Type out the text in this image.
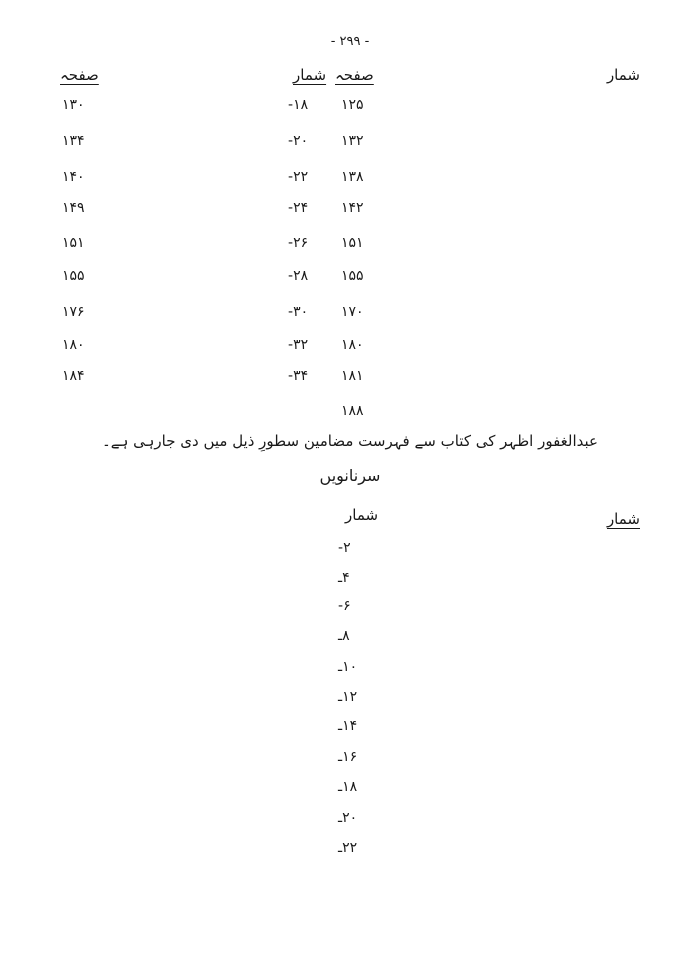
- ۲۹۹ -
شمار
صفحہ
شمار
صفحہ
۱۲۵
۱۸-
۱۳۰
۱۳۲
۲۰-
۱۳۴
۱۳۸
۲۲-
۱۴۰
۱۴۲
۲۴-
۱۴۹
۱۵۱
۲۶-
۱۵۱
۱۵۵
۲۸-
۱۵۵
۱۷۰
۳۰-
۱۷۶
۱۸۰
۳۲-
۱۸۰
۱۸۱
۳۴-
۱۸۴
۱۸۸
عبدالغفور اظہر کی کتاب سے فہرست مضامین سطورِ ذیل میں دی جارہی ہے۔
سرنانویں
شمار
شمار
۲-
۴ـ
۶-
۸ـ
۱۰ـ
۱۲ـ
۱۴ـ
۱۶ـ
۱۸ـ
۲۰ـ
۲۲ـ
